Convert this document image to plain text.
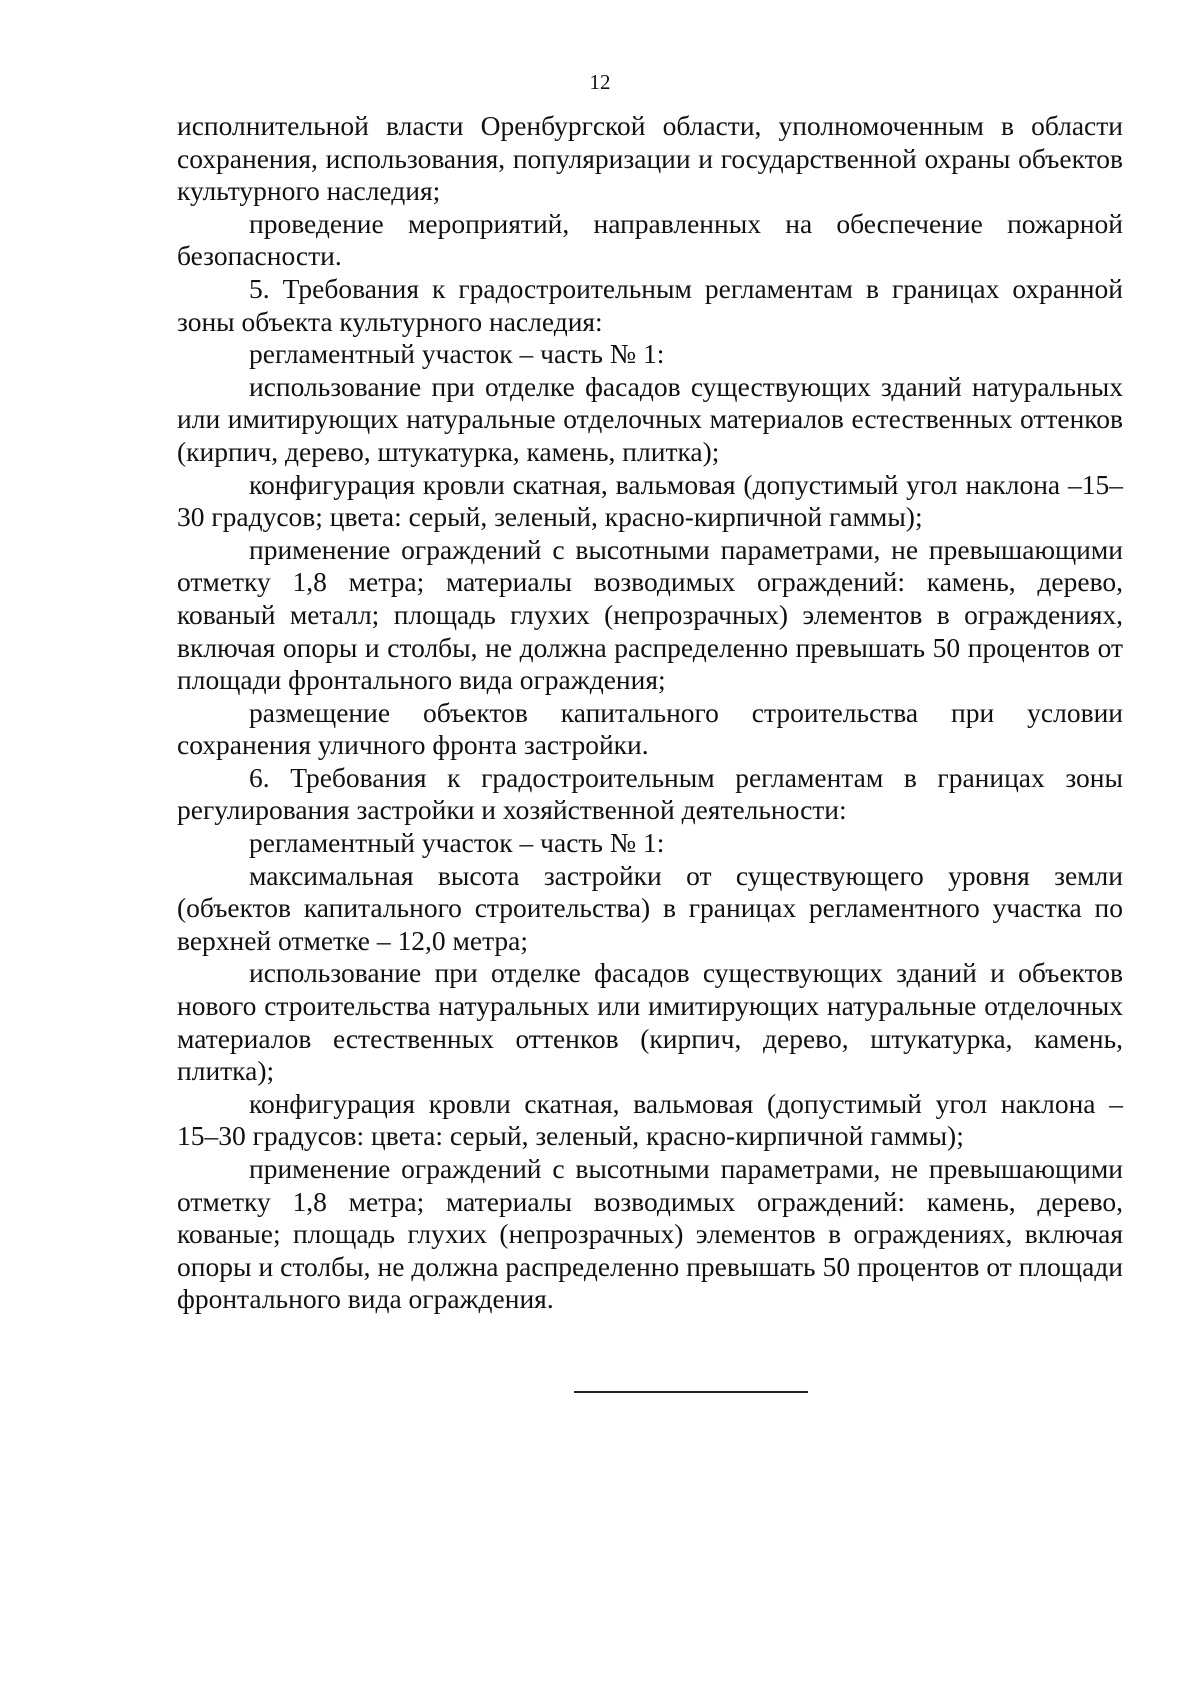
12

исполнительной власти Оренбургской области, уполномоченным в области сохранения, использования, популяризации и государственной охраны объектов культурного наследия;

проведение мероприятий, направленных на обеспечение пожарной безопасности.

5. Требования к градостроительным регламентам в границах охранной зоны объекта культурного наследия:

регламентный участок – часть № 1:

использование при отделке фасадов существующих зданий натуральных или имитирующих натуральные отделочных материалов естественных оттенков (кирпич, дерево, штукатурка, камень, плитка);

конфигурация кровли скатная, вальмовая (допустимый угол наклона –15–30 градусов; цвета: серый, зеленый, красно-кирпичной гаммы);

применение ограждений с высотными параметрами, не превышающими отметку 1,8 метра; материалы возводимых ограждений: камень, дерево, кованый металл; площадь глухих (непрозрачных) элементов в ограждениях, включая опоры и столбы, не должна распределенно превышать 50 процентов от площади фронтального вида ограждения;

размещение объектов капитального строительства при условии сохранения уличного фронта застройки.

6. Требования к градостроительным регламентам в границах зоны регулирования застройки и хозяйственной деятельности:

регламентный участок – часть № 1:

максимальная высота застройки от существующего уровня земли (объектов капитального строительства) в границах регламентного участка по верхней отметке – 12,0 метра;

использование при отделке фасадов существующих зданий и объектов нового строительства натуральных или имитирующих натуральные отделочных материалов естественных оттенков (кирпич, дерево, штукатурка, камень, плитка);

конфигурация кровли скатная, вальмовая (допустимый угол наклона – 15–30 градусов: цвета: серый, зеленый, красно-кирпичной гаммы);

применение ограждений с высотными параметрами, не превышающими отметку 1,8 метра; материалы возводимых ограждений: камень, дерево, кованые; площадь глухих (непрозрачных) элементов в ограждениях, включая опоры и столбы, не должна распределенно превышать 50 процентов от площади фронтального вида ограждения.
